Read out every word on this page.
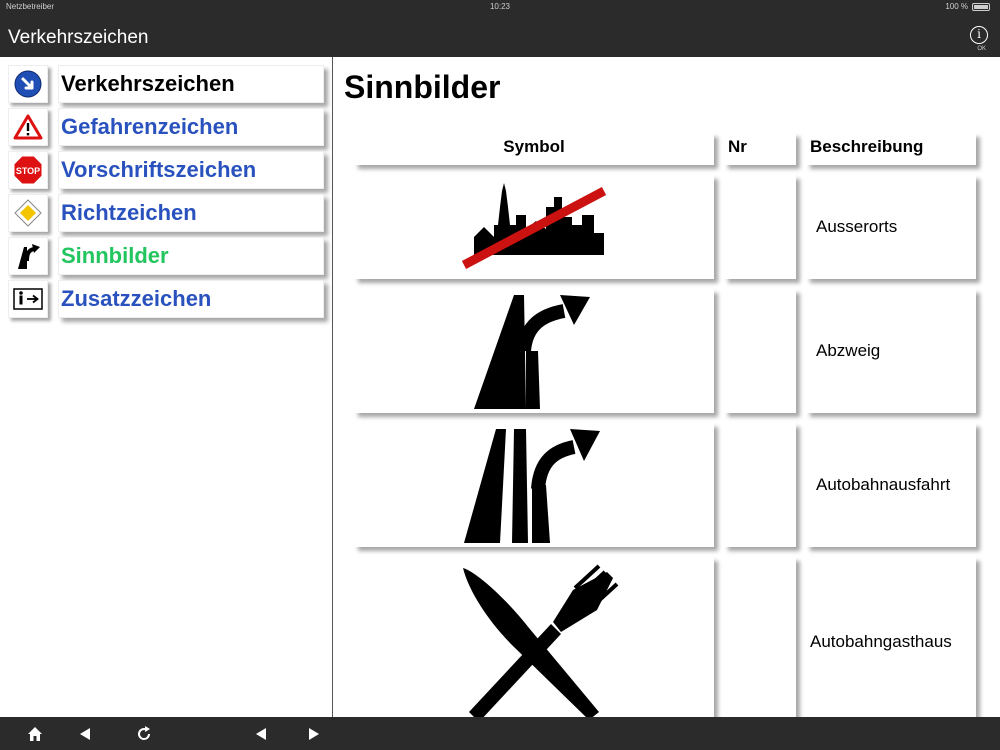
Netzbetreiber	10:23	100 %
Verkehrszeichen	i
OK
Verkehrszeichen
Gefahrenzeichen
STOP Vorschriftszeichen
Richtzeichen
Sinnbilder
Zusatzzeichen
Sinnbilder
Symbol	Nr	Beschreibung
Ausserorts
Abzweig
Autobahnausfahrt
Autobahngasthaus
